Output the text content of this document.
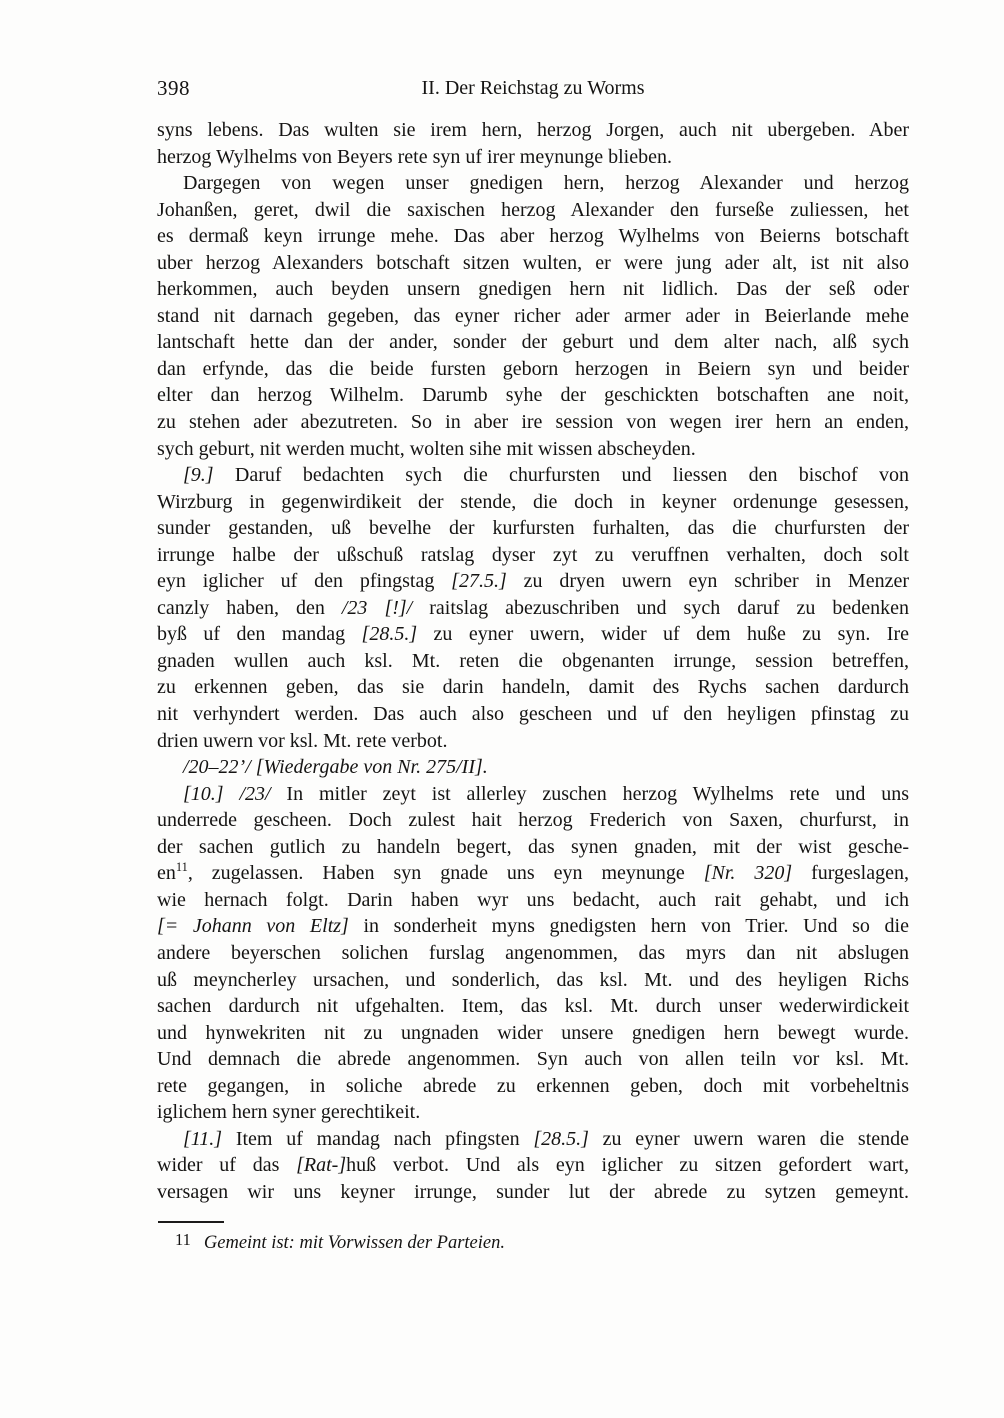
398	II. Der Reichstag zu Worms
syns lebens. Das wulten sie irem hern, herzog Jorgen, auch nit ubergeben. Aber
herzog Wylhelms von Beyers rete syn uf irer meynunge blieben.
Dargegen von wegen unser gnedigen hern, herzog Alexander und herzog
Johanßen, geret, dwil die saxischen herzog Alexander den furseße zuliessen, het
es dermaß keyn irrunge mehe. Das aber herzog Wylhelms von Beierns botschaft
uber herzog Alexanders botschaft sitzen wulten, er were jung ader alt, ist nit also
herkommen, auch beyden unsern gnedigen hern nit lidlich. Das der seß oder
stand nit darnach gegeben, das eyner richer ader armer ader in Beierlande mehe
lantschaft hette dan der ander, sonder der geburt und dem alter nach, alß sych
dan erfynde, das die beide fursten geborn herzogen in Beiern syn und beider
elter dan herzog Wilhelm. Darumb syhe der geschickten botschaften ane noit,
zu stehen ader abezutreten. So in aber ire session von wegen irer hern an enden,
sych geburt, nit werden mucht, wolten sihe mit wissen abscheyden.
[9.] Daruf bedachten sych die churfursten und liessen den bischof von
Wirzburg in gegenwirdikeit der stende, die doch in keyner ordenunge gesessen,
sunder gestanden, uß bevelhe der kurfursten furhalten, das die churfursten der
irrunge halbe der ußschuß ratslag dyser zyt zu veruffnen verhalten, doch solt
eyn iglicher uf den pfingstag [27.5.] zu dryen uwern eyn schriber in Menzer
canzly haben, den /23 [!]/ raitslag abezuschriben und sych daruf zu bedenken
byß uf den mandag [28.5.] zu eyner uwern, wider uf dem huße zu syn. Ire
gnaden wullen auch ksl. Mt. reten die obgenanten irrunge, session betreffen,
zu erkennen geben, das sie darin handeln, damit des Rychs sachen dardurch
nit verhyndert werden. Das auch also gescheen und uf den heyligen pfinstag zu
drien uwern vor ksl. Mt. rete verbot.
/20–22’/ [Wiedergabe von Nr. 275/II].
[10.] /23/ In mitler zeyt ist allerley zuschen herzog Wylhelms rete und uns
underrede gescheen. Doch zulest hait herzog Frederich von Saxen, churfurst, in
der sachen gutlich zu handeln begert, das synen gnaden, mit der wist gesche-
en$^{11}$, zugelassen. Haben syn gnade uns eyn meynunge [Nr. 320] furgeslagen,
wie hernach folgt. Darin haben wyr uns bedacht, auch rait gehabt, und ich
[= Johann von Eltz] in sonderheit myns gnedigsten hern von Trier. Und so die
andere beyerschen solichen furslag angenommen, das myrs dan nit abslugen
uß meyncherley ursachen, und sonderlich, das ksl. Mt. und des heyligen Richs
sachen dardurch nit ufgehalten. Item, das ksl. Mt. durch unser wederwirdickeit
und hynwekriten nit zu ungnaden wider unsere gnedigen hern bewegt wurde.
Und demnach die abrede angenommen. Syn auch von allen teiln vor ksl. Mt.
rete gegangen, in soliche abrede zu erkennen geben, doch mit vorbeheltnis
iglichem hern syner gerechtikeit.
[11.] Item uf mandag nach pfingsten [28.5.] zu eyner uwern waren die stende
wider uf das [Rat-]huß verbot. Und als eyn iglicher zu sitzen gefordert wart,
versagen wir uns keyner irrunge, sunder lut der abrede zu sytzen gemeynt.
11 Gemeint ist: mit Vorwissen der Parteien.
